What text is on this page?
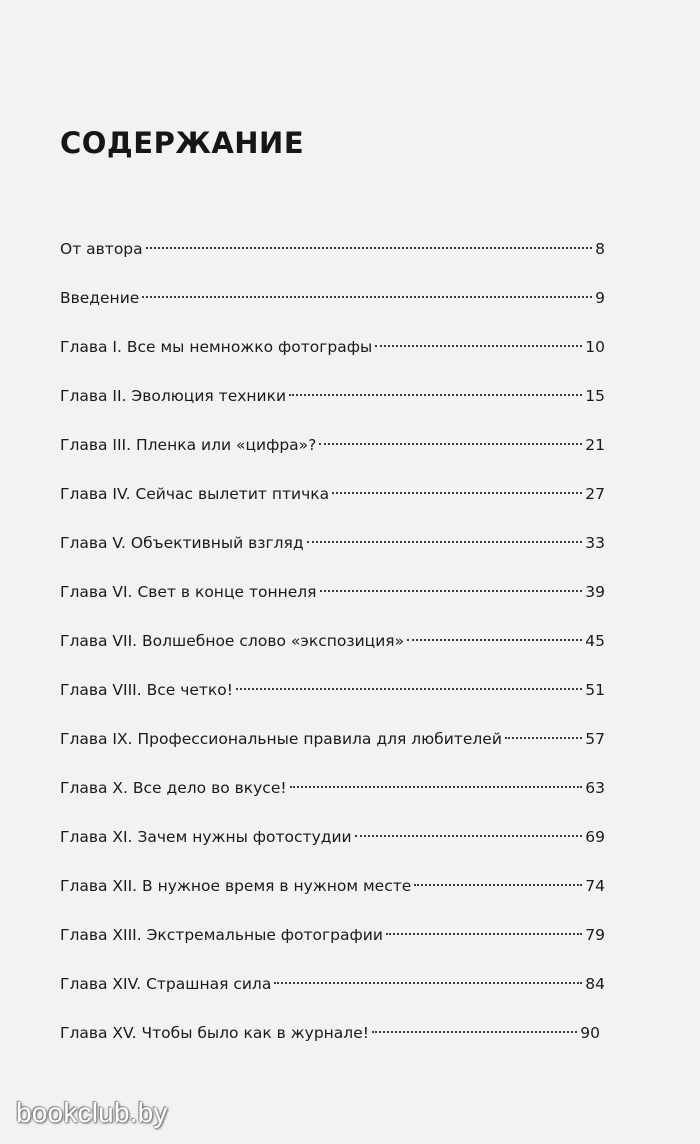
СОДЕРЖАНИЕ
От автора	8
Введение	9
Глава I. Все мы немножко фотографы	10
Глава II. Эволюция техники	15
Глава III. Пленка или «цифра»?	21
Глава IV. Сейчас вылетит птичка	27
Глава V. Объективный взгляд	33
Глава VI. Свет в конце тоннеля	39
Глава VII. Волшебное слово «экспозиция»	45
Глава VIII. Все четко!	51
Глава IX. Профессиональные правила для любителей	57
Глава X. Все дело во вкусе!	63
Глава XI. Зачем нужны фотостудии	69
Глава XII. В нужное время в нужном месте	74
Глава XIII. Экстремальные фотографии	79
Глава XIV. Страшная сила	84
Глава XV. Чтобы было как в журнале!	90
bookclub.by
